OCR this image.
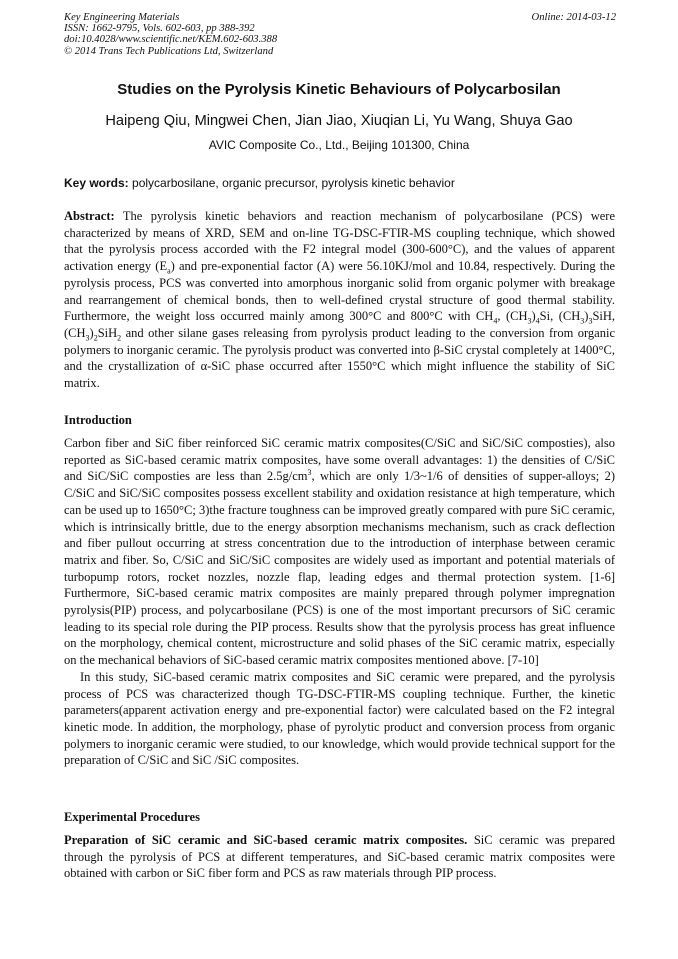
Key Engineering Materials
ISSN: 1662-9795, Vols. 602-603, pp 388-392
doi:10.4028/www.scientific.net/KEM.602-603.388
© 2014 Trans Tech Publications Ltd, Switzerland
Online: 2014-03-12
Studies on the Pyrolysis Kinetic Behaviours of Polycarbosilan
Haipeng Qiu, Mingwei Chen, Jian Jiao, Xiuqian Li, Yu Wang, Shuya Gao
AVIC Composite Co., Ltd., Beijing 101300, China
Key words: polycarbosilane, organic precursor, pyrolysis kinetic behavior

Abstract: The pyrolysis kinetic behaviors and reaction mechanism of polycarbosilane (PCS) were characterized by means of XRD, SEM and on-line TG-DSC-FTIR-MS coupling technique, which showed that the pyrolysis process accorded with the F2 integral model (300-600°C), and the values of apparent activation energy $(E_a)$ and pre-exponential factor (A) were 56.10KJ/mol and 10.84, respectively. During the pyrolysis process, PCS was converted into amorphous inorganic solid from organic polymer with breakage and rearrangement of chemical bonds, then to well-defined crystal structure of good thermal stability. Furthermore, the weight loss occurred mainly among 300°C and 800°C with $CH_4$, $(CH_3)_4Si$, $(CH_3)_3SiH$, $(CH_3)_2SiH_2$ and other silane gases releasing from pyrolysis product leading to the conversion from organic polymers to inorganic ceramic. The pyrolysis product was converted into β-SiC crystal completely at 1400°C, and the crystallization of α-SiC phase occurred after 1550°C which might influence the stability of SiC matrix.

Introduction

Carbon fiber and SiC fiber reinforced SiC ceramic matrix composites(C/SiC and SiC/SiC composties), also reported as SiC-based ceramic matrix composites, have some overall advantages: 1) the densities of C/SiC and SiC/SiC composties are less than $2.5g/cm^3$, which are only 1/3~1/6 of densities of supper-alloys; 2) C/SiC and SiC/SiC composites possess excellent stability and oxidation resistance at high temperature, which can be used up to 1650°C; 3)the fracture toughness can be improved greatly compared with pure SiC ceramic, which is intrinsically brittle, due to the energy absorption mechanisms mechanism, such as crack deflection and fiber pullout occurring at stress concentration due to the introduction of interphase between ceramic matrix and fiber. So, C/SiC and SiC/SiC composites are widely used as important and potential materials of turbopump rotors, rocket nozzles, nozzle flap, leading edges and thermal protection system. [1-6] Furthermore, SiC-based ceramic matrix composites are mainly prepared through polymer impregnation pyrolysis(PIP) process, and polycarbosilane (PCS) is one of the most important precursors of SiC ceramic leading to its special role during the PIP process. Results show that the pyrolysis process has great influence on the morphology, chemical content, microstructure and solid phases of the SiC ceramic matrix, especially on the mechanical behaviors of SiC-based ceramic matrix composites mentioned above. [7-10]

In this study, SiC-based ceramic matrix composites and SiC ceramic were prepared, and the pyrolysis process of PCS was characterized though TG-DSC-FTIR-MS coupling technique. Further, the kinetic parameters(apparent activation energy and pre-exponential factor) were calculated based on the F2 integral kinetic mode. In addition, the morphology, phase of pyrolytic product and conversion process from organic polymers to inorganic ceramic were studied, to our knowledge, which would provide technical support for the preparation of C/SiC and SiC /SiC composites.

Experimental Procedures

Preparation of SiC ceramic and SiC-based ceramic matrix composites. SiC ceramic was prepared through the pyrolysis of PCS at different temperatures, and SiC-based ceramic matrix composites were obtained with carbon or SiC fiber form and PCS as raw materials through PIP process.
